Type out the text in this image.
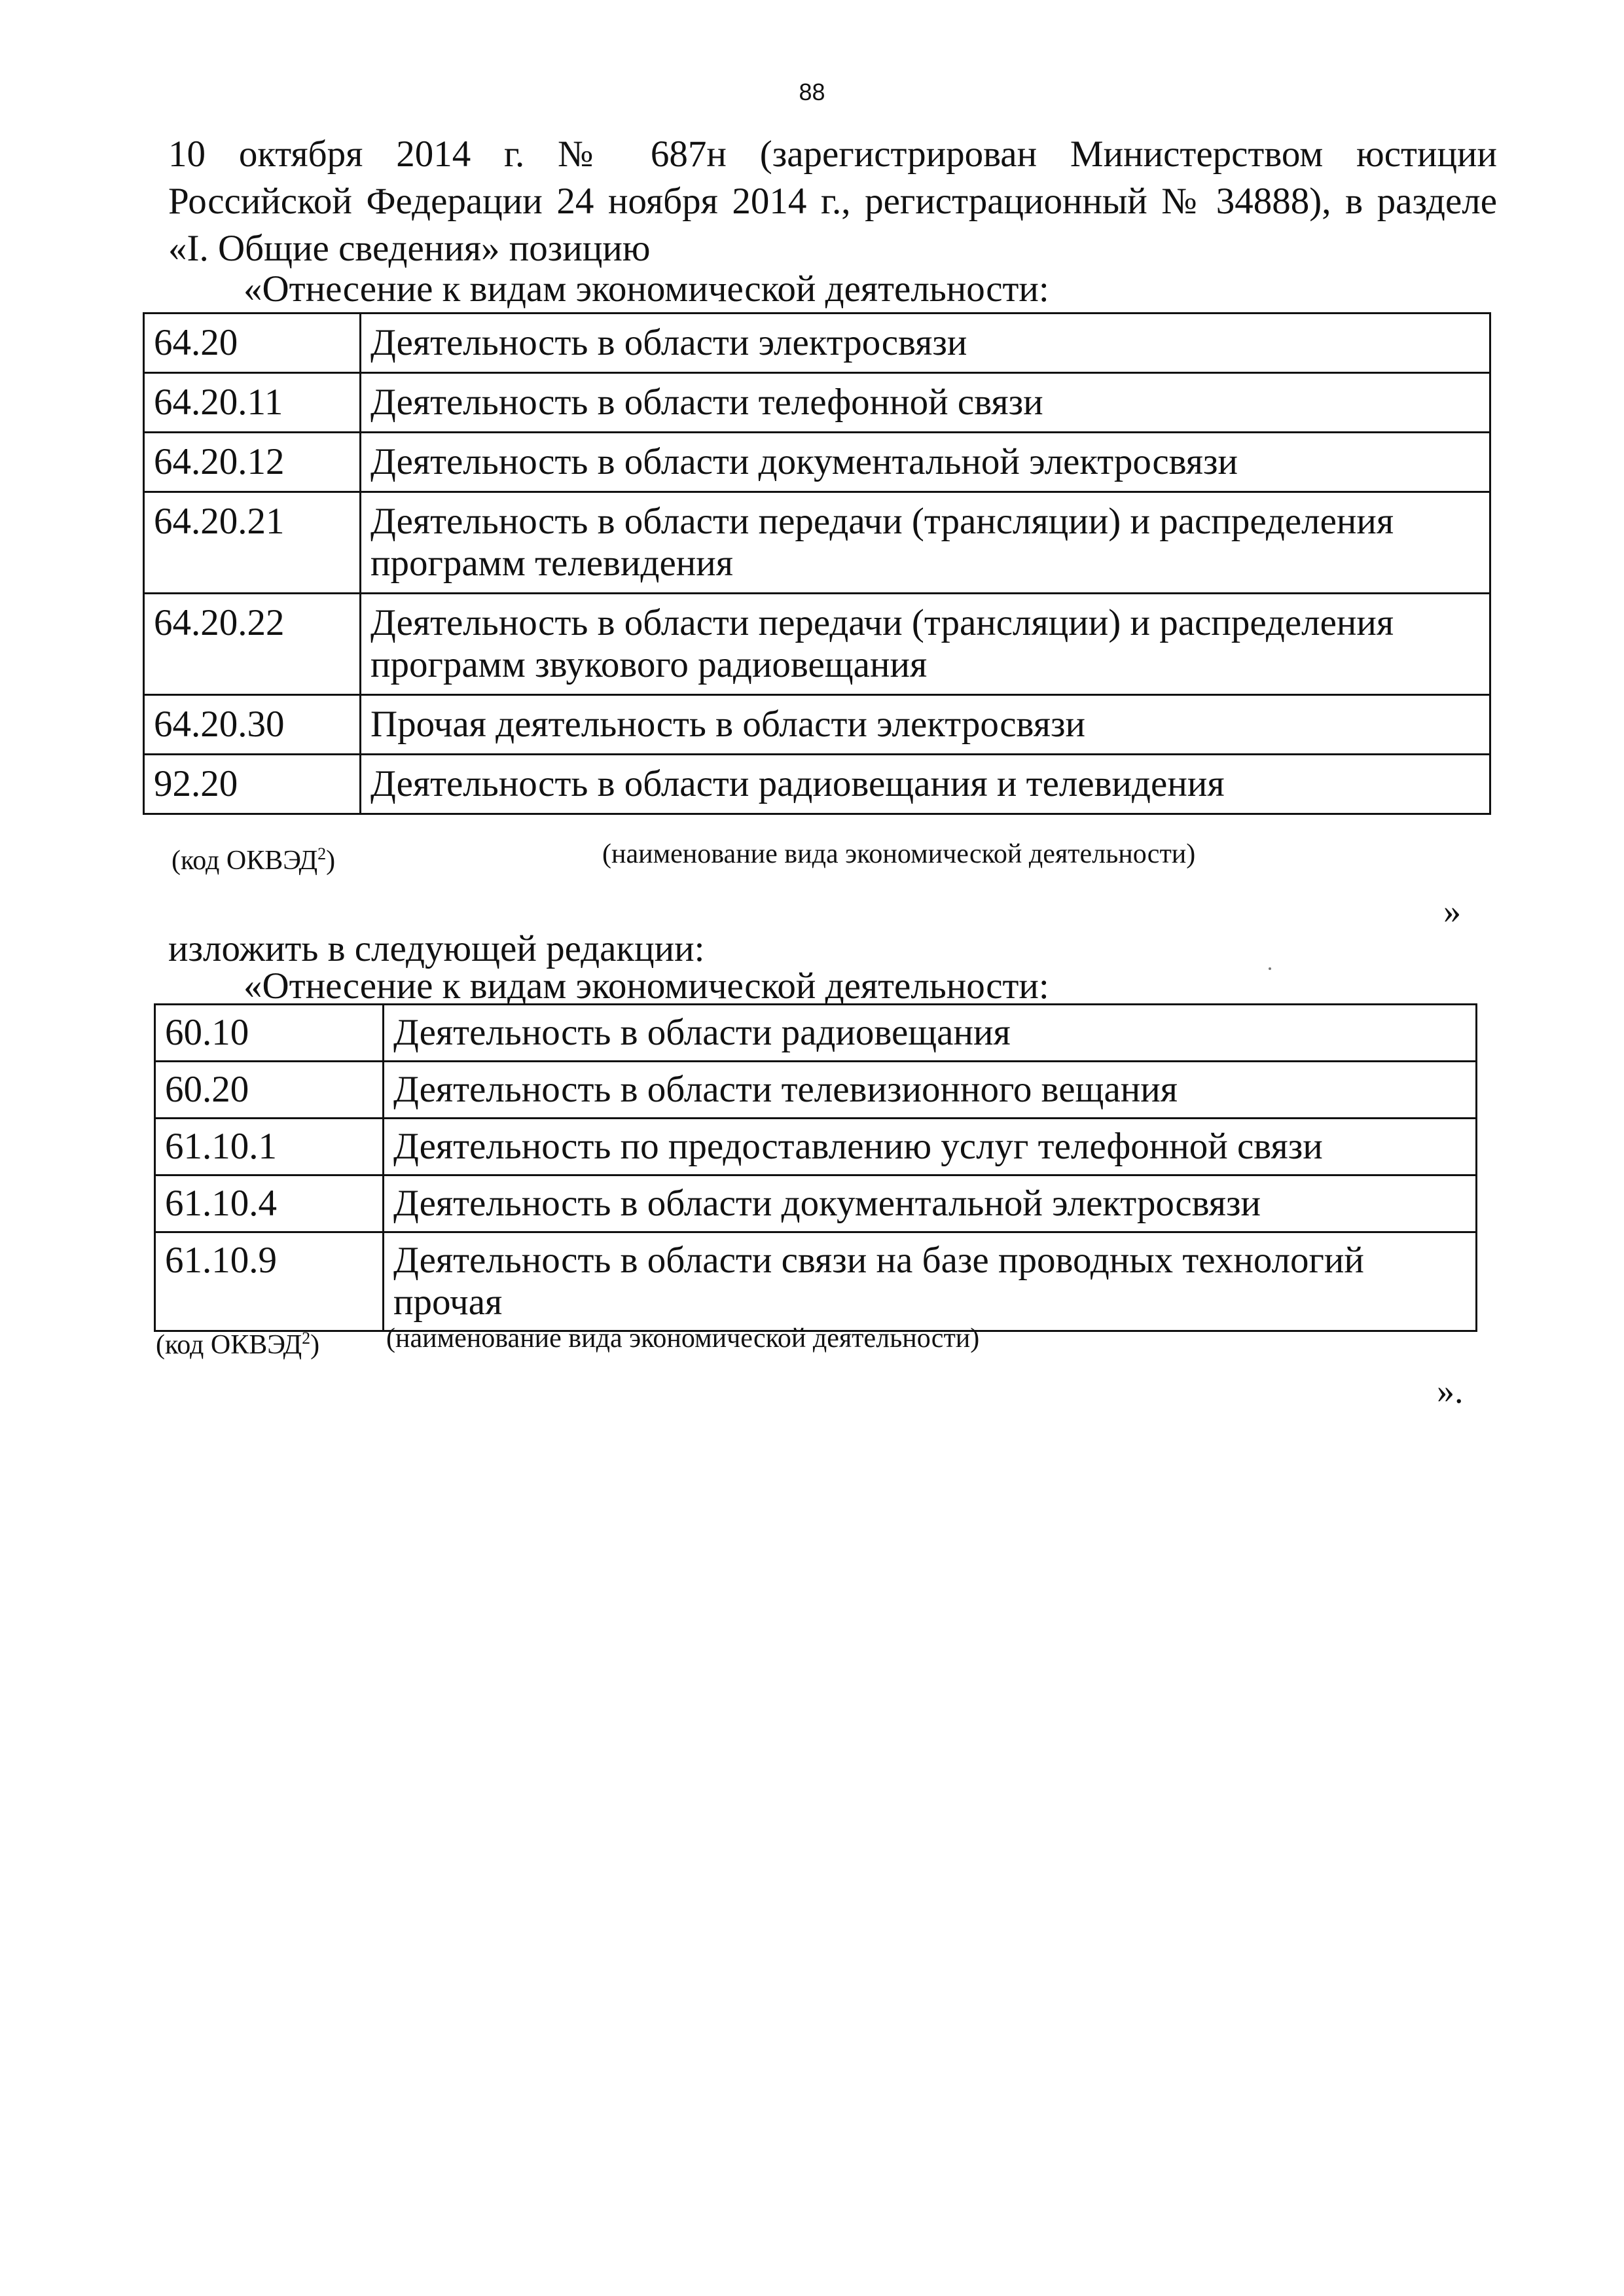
88
10 октября 2014 г. № 687н (зарегистрирован Министерством юстиции
Российской Федерации 24 ноября 2014 г., регистрационный № 34888), в разделе
«I. Общие сведения» позицию
«Отнесение к видам экономической деятельности:
64.20	Деятельность в области электросвязи
64.20.11	Деятельность в области телефонной связи
64.20.12	Деятельность в области документальной электросвязи
64.20.21	Деятельность в области передачи (трансляции) и распределения программ телевидения
64.20.22	Деятельность в области передачи (трансляции) и распределения программ звукового радиовещания
64.20.30	Прочая деятельность в области электросвязи
92.20	Деятельность в области радиовещания и телевидения
(код ОКВЭД$^2$)	(наименование вида экономической деятельности)
»
изложить в следующей редакции:
«Отнесение к видам экономической деятельности:
60.10	Деятельность в области радиовещания
60.20	Деятельность в области телевизионного вещания
61.10.1	Деятельность по предоставлению услуг телефонной связи
61.10.4	Деятельность в области документальной электросвязи
61.10.9	Деятельность в области связи на базе проводных технологий прочая
(код ОКВЭД$^2$) (наименование вида экономической деятельности)
».
